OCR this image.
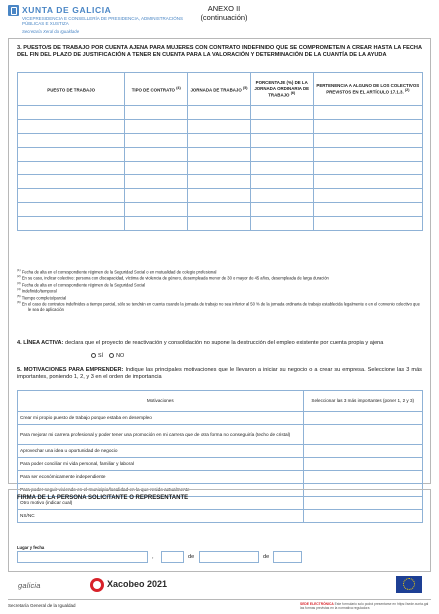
XUNTA DE GALICIA
VICEPRESIDENCIA E CONSELLERÍA DE PRESIDENCIA, ADMINISTRACIÓNS PÚBLICAS E XUSTIZA
Secretaría Xeral da Igualdade
ANEXO II
(continuación)
3. PUESTO/S DE TRABAJO POR CUENTA AJENA PARA MUJERES CON CONTRATO INDEFINIDO QUE SE COMPROMETE/N A CREAR HASTA LA FECHA DEL FIN DEL PLAZO DE JUSTIFICACIÓN A TENER EN CUENTA PARA LA VALORACIÓN Y DETERMINACIÓN DE LA CUANTÍA DE LA AYUDA
PUESTO DE TRABAJO	TIPO DE CONTRATO $^{(4)}$	JORNADA DE TRABAJO $^{(5)}$	PORCENTAJE (%) DE LA JORNADA ORDINARIA DE TRABAJO $^{(6)}$	PERTENENCIA A ALGUNO DE LOS COLECTIVOS PREVISTOS EN EL ARTÍCULO 17.1.3. $^{(2)}$

$^{(1)}$ Fecha de alta en el correspondiente régimen de la Seguridad Social o en mutualidad de colegio profesional
$^{(2)}$ En su caso, indicar colectivo: persona con discapacidad, víctima de violencia de género, desempleada menor de 30 o mayor de 45 años, desempleada de larga duración
$^{(3)}$ Fecha de alta en el correspondiente régimen de la Seguridad Social
$^{(4)}$ Indefinido/temporal
$^{(5)}$ Tiempo completo/parcial
$^{(6)}$ En el caso de contratos indefinidos a tiempo parcial, sólo se tendrán en cuenta cuando la jornada de trabajo no sea inferior al 50 % de la jornada ordinaria de trabajo establecida legalmente o en el convenio colectivo que le sea de aplicación
4. LÍNEA ACTIVA: declara que el proyecto de reactivación y consolidación no supone la destrucción del empleo existente por cuenta propia y ajena
SÍ NO
5. MOTIVACIONES PARA EMPRENDER: Indique las principales motivaciones que le llevaron a iniciar su negocio o a crear su empresa. Seleccione las 3 más importantes, poniendo 1, 2, y 3 en el orden de importancia
Motivaciones	Seleccionar las 3 más importantes (poner 1, 2 y 3)
Crear mi propio puesto de trabajo porque estaba en desempleo	
Para mejorar mi carrera profesional y poder tener una promoción en mi carrera que de otra forma no conseguiría (techo de cristal)	
Aprovechar una idea u oportunidad de negocio	
Para poder conciliar mi vida personal, familiar y laboral	
Para ser económicamente independiente	
Para poder seguir viviendo en el municipio/localidad en la que resido actualmente	
Otro motivo (indicar cual)	
NS/NC	
FIRMA DE LA PERSONA SOLICITANTE O REPRESENTANTE
Lugar y fecha
,	de	de
galicia	Xacobeo 2021
Secretaría General de la Igualdad	SEDE ELECTRÓNICA Este formulario solo podrá presentarse en https://sede.xunta.gal las formas previstas en la normativa reguladora
